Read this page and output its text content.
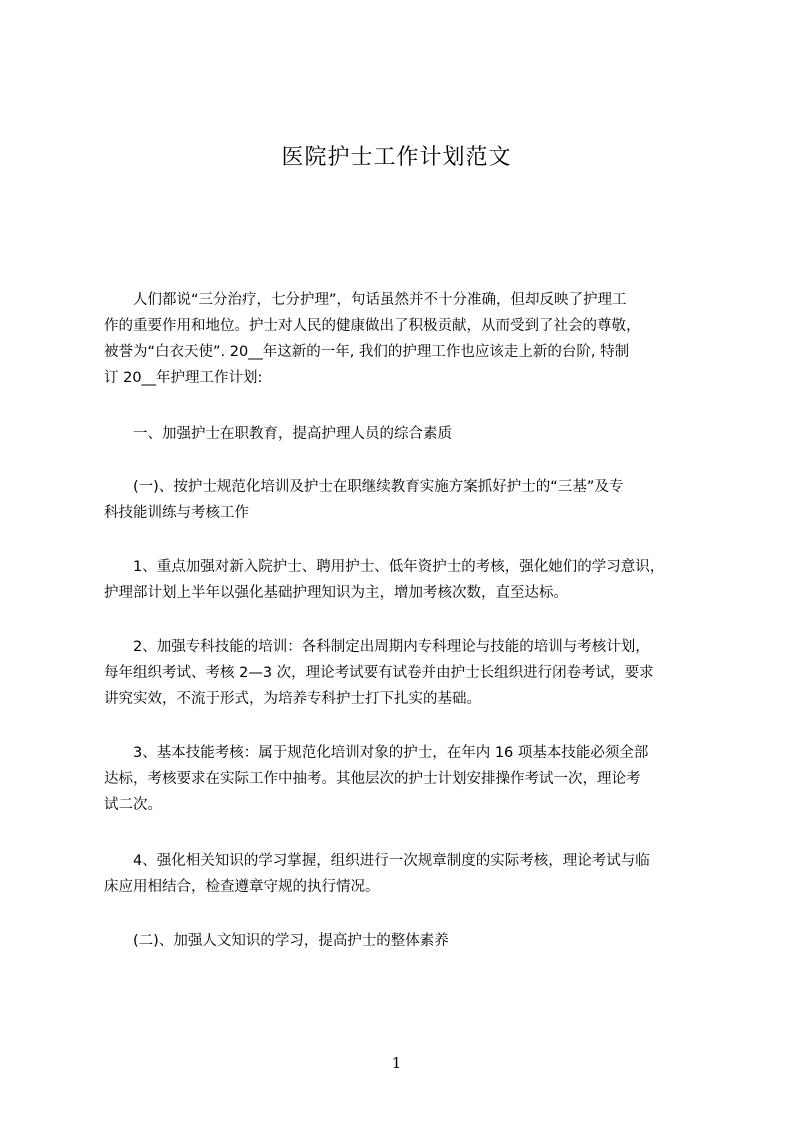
医院护士工作计划范文
　　人们都说“三分治疗，七分护理”，句话虽然并不十分准确，但却反映了护理工
作的重要作用和地位。护士对人民的健康做出了积极贡献，从而受到了社会的尊敬，
被誉为“白衣天使”. 20__年这新的一年, 我们的护理工作也应该走上新的台阶, 特制
订 20__年护理工作计划:
　　一、加强护士在职教育，提高护理人员的综合素质
　　(一)、按护士规范化培训及护士在职继续教育实施方案抓好护士的“三基”及专
科技能训练与考核工作
　　1、重点加强对新入院护士、聘用护士、低年资护士的考核，强化她们的学习意识，
护理部计划上半年以强化基础护理知识为主，增加考核次数，直至达标。
　　2、加强专科技能的培训：各科制定出周期内专科理论与技能的培训与考核计划，
每年组织考试、考核 2—3 次，理论考试要有试卷并由护士长组织进行闭卷考试，要求
讲究实效，不流于形式，为培养专科护士打下扎实的基础。
　　3、基本技能考核：属于规范化培训对象的护士，在年内 16 项基本技能必须全部
达标，考核要求在实际工作中抽考。其他层次的护士计划安排操作考试一次，理论考
试二次。
　　4、强化相关知识的学习掌握，组织进行一次规章制度的实际考核，理论考试与临
床应用相结合，检查遵章守规的执行情况。
　　(二)、加强人文知识的学习，提高护士的整体素养
1
